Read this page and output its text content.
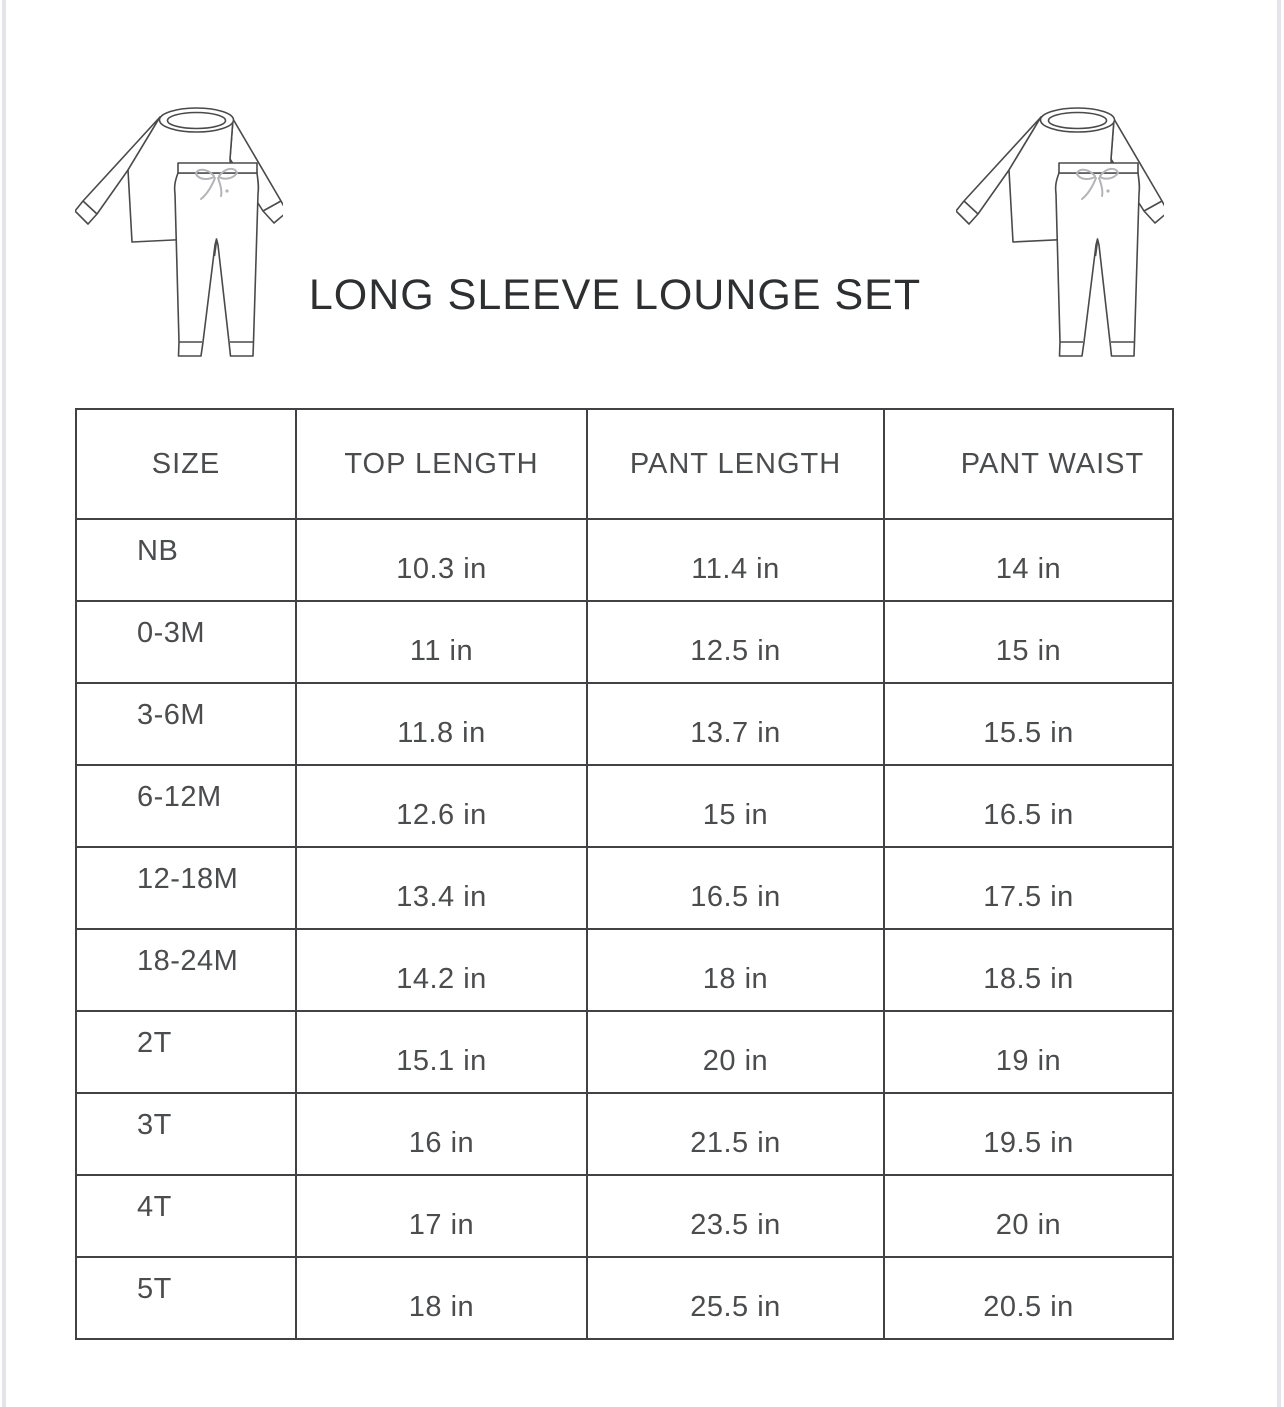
LONG SLEEVE LOUNGE SET
SIZE	TOP LENGTH	PANT LENGTH	PANT WAIST
NB	10.3 in	11.4 in	14 in
0-3M	11 in	12.5 in	15 in
3-6M	11.8 in	13.7 in	15.5 in
6-12M	12.6 in	15 in	16.5 in
12-18M	13.4 in	16.5 in	17.5 in
18-24M	14.2 in	18 in	18.5 in
2T	15.1 in	20 in	19 in
3T	16 in	21.5 in	19.5 in
4T	17 in	23.5 in	20 in
5T	18 in	25.5 in	20.5 in
